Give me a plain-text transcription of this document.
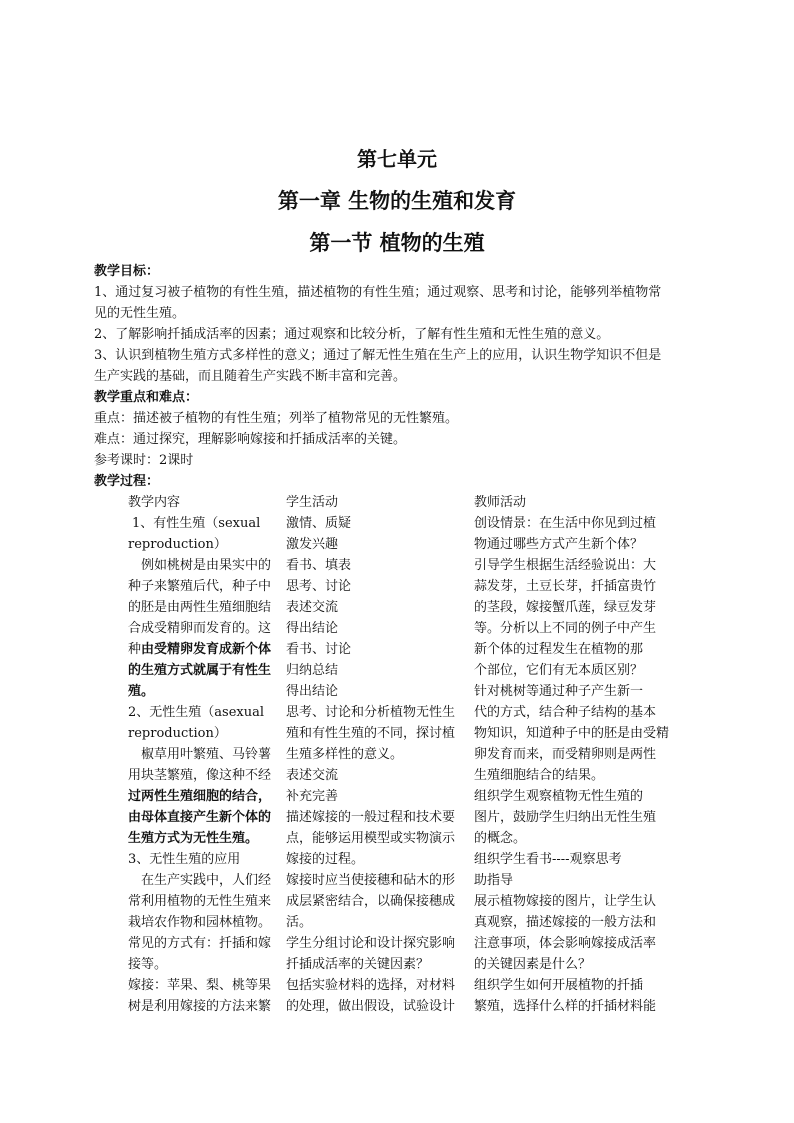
第七单元
第一章 生物的生殖和发育
第一节 植物的生殖
教学目标：
1、通过复习被子植物的有性生殖，描述植物的有性生殖；通过观察、思考和讨论，能够列举植物常
见的无性生殖。
2、了解影响扦插成活率的因素；通过观察和比较分析，了解有性生殖和无性生殖的意义。
3、认识到植物生殖方式多样性的意义；通过了解无性生殖在生产上的应用，认识生物学知识不但是
生产实践的基础，而且随着生产实践不断丰富和完善。
教学重点和难点：
重点：描述被子植物的有性生殖；列举了植物常见的无性繁殖。
难点：通过探究，理解影响嫁接和扦插成活率的关键。
参考课时：2课时
教学过程：
教学内容	学生活动	教师活动
1、有性生殖（sexual
reproduction）
例如桃树是由果实中的
种子来繁殖后代，种子中
的胚是由两性生殖细胞结
合成受精卵而发育的。这
种由受精卵发育成新个体
的生殖方式就属于有性生
殖。
2、无性生殖（asexual
reproduction）
椒草用叶繁殖、马铃薯
用块茎繁殖，像这种不经
过两性生殖细胞的结合，
由母体直接产生新个体的
生殖方式为无性生殖。
3、无性生殖的应用
在生产实践中，人们经
常利用植物的无性生殖来
栽培农作物和园林植物。
常见的方式有：扦插和嫁
接等。
嫁接：苹果、梨、桃等果
树是利用嫁接的方法来繁
激情、质疑
激发兴趣
看书、填表
思考、讨论
表述交流
得出结论
看书、讨论
归纳总结
得出结论
思考、讨论和分析植物无性生
殖和有性生殖的不同，探讨植
生殖多样性的意义。
表述交流
补充完善
描述嫁接的一般过程和技术要
点，能够运用模型或实物演示
嫁接的过程。
嫁接时应当使接穗和砧木的形
成层紧密结合，以确保接穗成
活。
学生分组讨论和设计探究影响
扦插成活率的关键因素？
包括实验材料的选择，对材料
的处理，做出假设，试验设计
创设情景：在生活中你见到过植
物通过哪些方式产生新个体？
引导学生根据生活经验说出：大
蒜发芽，土豆长芽，扦插富贵竹
的茎段，嫁接蟹爪莲，绿豆发芽
等。分析以上不同的例子中产生
新个体的过程发生在植物的那
个部位，它们有无本质区别？
针对桃树等通过种子产生新一
代的方式，结合种子结构的基本
物知识，知道种子中的胚是由受精
卵发育而来，而受精卵则是两性
生殖细胞结合的结果。
组织学生观察植物无性生殖的
图片，鼓励学生归纳出无性生殖
的概念。
组织学生看书----观察思考
助指导
展示植物嫁接的图片，让学生认
真观察，描述嫁接的一般方法和
注意事项，体会影响嫁接成活率
的关键因素是什么？
组织学生如何开展植物的扦插
繁殖，选择什么样的扦插材料能
